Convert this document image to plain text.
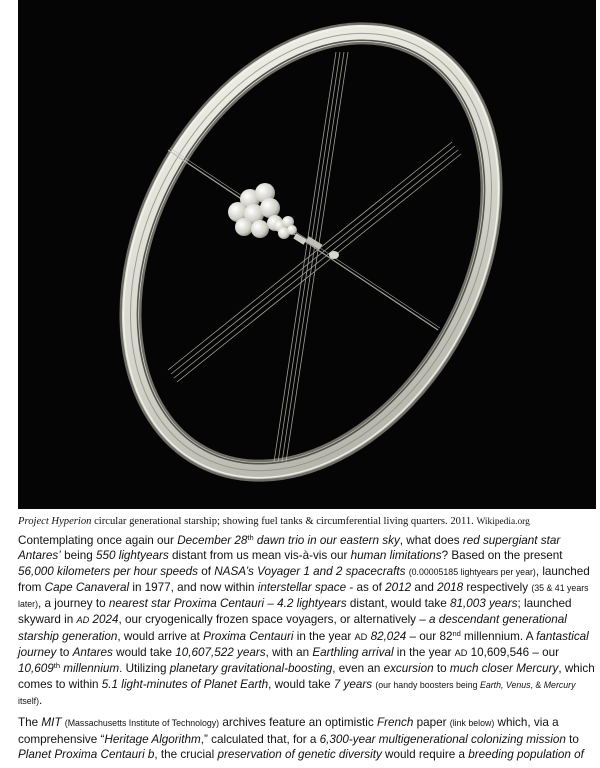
Project Hyperion circular generational starship; showing fuel tanks & circumferential living quarters. 2011. Wikipedia.org

Contemplating once again our December 28th dawn trio in our eastern sky, what does red supergiant star Antares’ being 550 lightyears distant from us mean vis-à-vis our human limitations? Based on the present 56,000 kilometers per hour speeds of NASA’s Voyager 1 and 2 spacecrafts (0.00005185 lightyears per year), launched from Cape Canaveral in 1977, and now within interstellar space - as of 2012 and 2018 respectively (35 & 41 years later), a journey to nearest star Proxima Centauri – 4.2 lightyears distant, would take 81,003 years; launched skyward in AD 2024, our cryogenically frozen space voyagers, or alternatively – a descendant generational starship generation, would arrive at Proxima Centauri in the year AD 82,024 – our 82nd millennium. A fantastical journey to Antares would take 10,607,522 years, with an Earthling arrival in the year AD 10,609,546 – our 10,609th millennium. Utilizing planetary gravitational-boosting, even an excursion to much closer Mercury, which comes to within 5.1 light-minutes of Planet Earth, would take 7 years (our handy boosters being Earth, Venus, & Mercury itself).

The MIT (Massachusetts Institute of Technology) archives feature an optimistic French paper (link below) which, via a comprehensive “Heritage Algorithm,” calculated that, for a 6,300-year multigenerational colonizing mission to Planet Proxima Centauri b, the crucial preservation of genetic diversity would require a breeding population of
